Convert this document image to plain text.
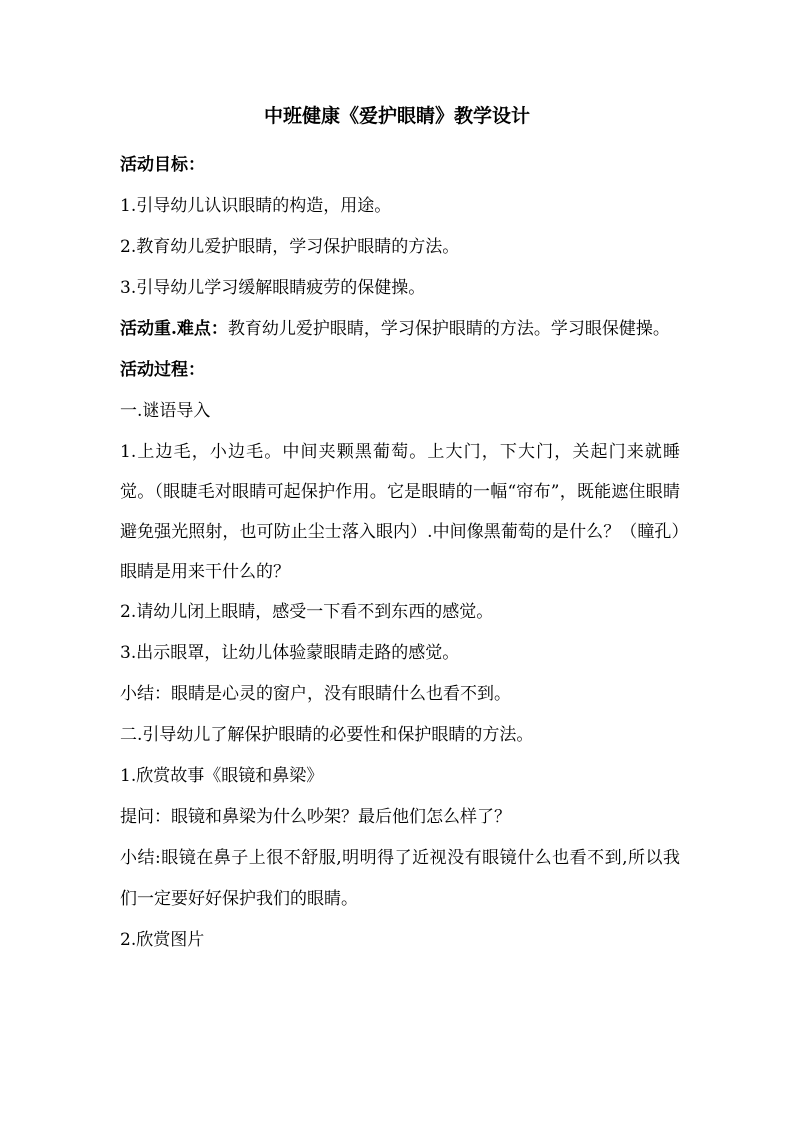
中班健康《爱护眼睛》教学设计

活动目标：

1.引导幼儿认识眼睛的构造，用途。

2.教育幼儿爱护眼睛，学习保护眼睛的方法。

3.引导幼儿学习缓解眼睛疲劳的保健操。

活动重.难点：教育幼儿爱护眼睛，学习保护眼睛的方法。学习眼保健操。

活动过程：

一.谜语导入

1.上边毛，小边毛。中间夹颗黑葡萄。上大门，下大门，关起门来就睡觉。（眼睫毛对眼睛可起保护作用。它是眼睛的一幅“帘布”，既能遮住眼睛避免强光照射，也可防止尘士落入眼内）.中间像黑葡萄的是什么？（瞳孔）眼睛是用来干什么的？

2.请幼儿闭上眼睛，感受一下看不到东西的感觉。

3.出示眼罩，让幼儿体验蒙眼睛走路的感觉。

小结：眼睛是心灵的窗户，没有眼睛什么也看不到。

二.引导幼儿了解保护眼睛的必要性和保护眼睛的方法。

1.欣赏故事《眼镜和鼻梁》

提问：眼镜和鼻梁为什么吵架？最后他们怎么样了？

小结:眼镜在鼻子上很不舒服,明明得了近视没有眼镜什么也看不到,所以我们一定要好好保护我们的眼睛。

2.欣赏图片
